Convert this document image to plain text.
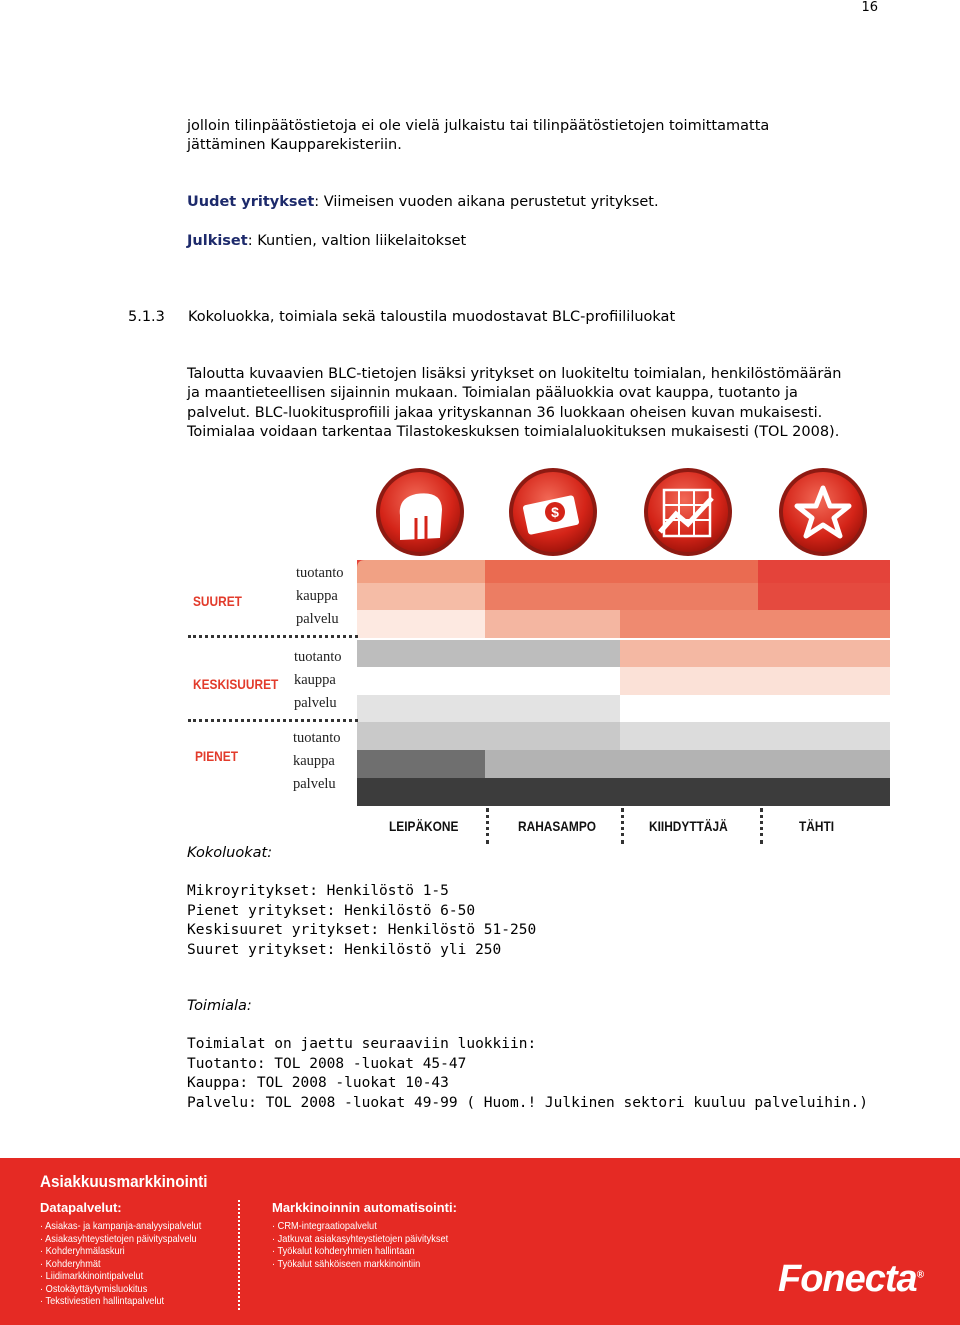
16
jolloin tilinpäätöstietoja ei ole vielä julkaistu tai tilinpäätöstietojen toimittamatta
jättäminen Kaupparekisteriin.
Uudet yritykset: Viimeisen vuoden aikana perustetut yritykset.
Julkiset: Kuntien, valtion liikelaitokset
5.1.3 Kokoluokka, toimiala sekä taloustila muodostavat BLC-profiililuokat
Taloutta kuvaavien BLC-tietojen lisäksi yritykset on luokiteltu toimialan, henkilöstömäärän
ja maantieteellisen sijainnin mukaan. Toimialan pääluokkia ovat kauppa, tuotanto ja
palvelut. BLC-luokitusprofiili jakaa yrityskannan 36 luokkaan oheisen kuvan mukaisesti.
Toimialaa voidaan tarkentaa Tilastokeskuksen toimialaluokituksen mukaisesti (TOL 2008).
$
SUURET
KESKISUURET
PIENET
tuotanto
kauppa
palvelu
tuotanto
kauppa
palvelu
tuotanto
kauppa
palvelu
LEIPÄKONE	RAHASAMPO	KIIHDYTTÄJÄ	TÄHTI
Kokoluokat:
Mikroyritykset: Henkilöstö 1-5
Pienet yritykset: Henkilöstö 6-50
Keskisuuret yritykset: Henkilöstö 51-250
Suuret yritykset: Henkilöstö yli 250
Toimiala:
Toimialat on jaettu seuraaviin luokkiin:
Tuotanto: TOL 2008 -luokat 45-47
Kauppa: TOL 2008 -luokat 10-43
Palvelu: TOL 2008 -luokat 49-99 ( Huom.! Julkinen sektori kuuluu palveluihin.)
Asiakkuusmarkkinointi
Datapalvelut:
· Asiakas- ja kampanja-analyysipalvelut
· Asiakasyhteystietojen päivityspalvelu
· Kohderyhmälaskuri
· Kohderyhmät
· Liidimarkkinointipalvelut
· Ostokäyttäytymisluokitus
· Tekstiviestien hallintapalvelut
Markkinoinnin automatisointi:
· CRM-integraatiopalvelut
· Jatkuvat asiakasyhteystietojen päivitykset
· Työkalut kohderyhmien hallintaan
· Työkalut sähköiseen markkinointiin	Fonecta®
